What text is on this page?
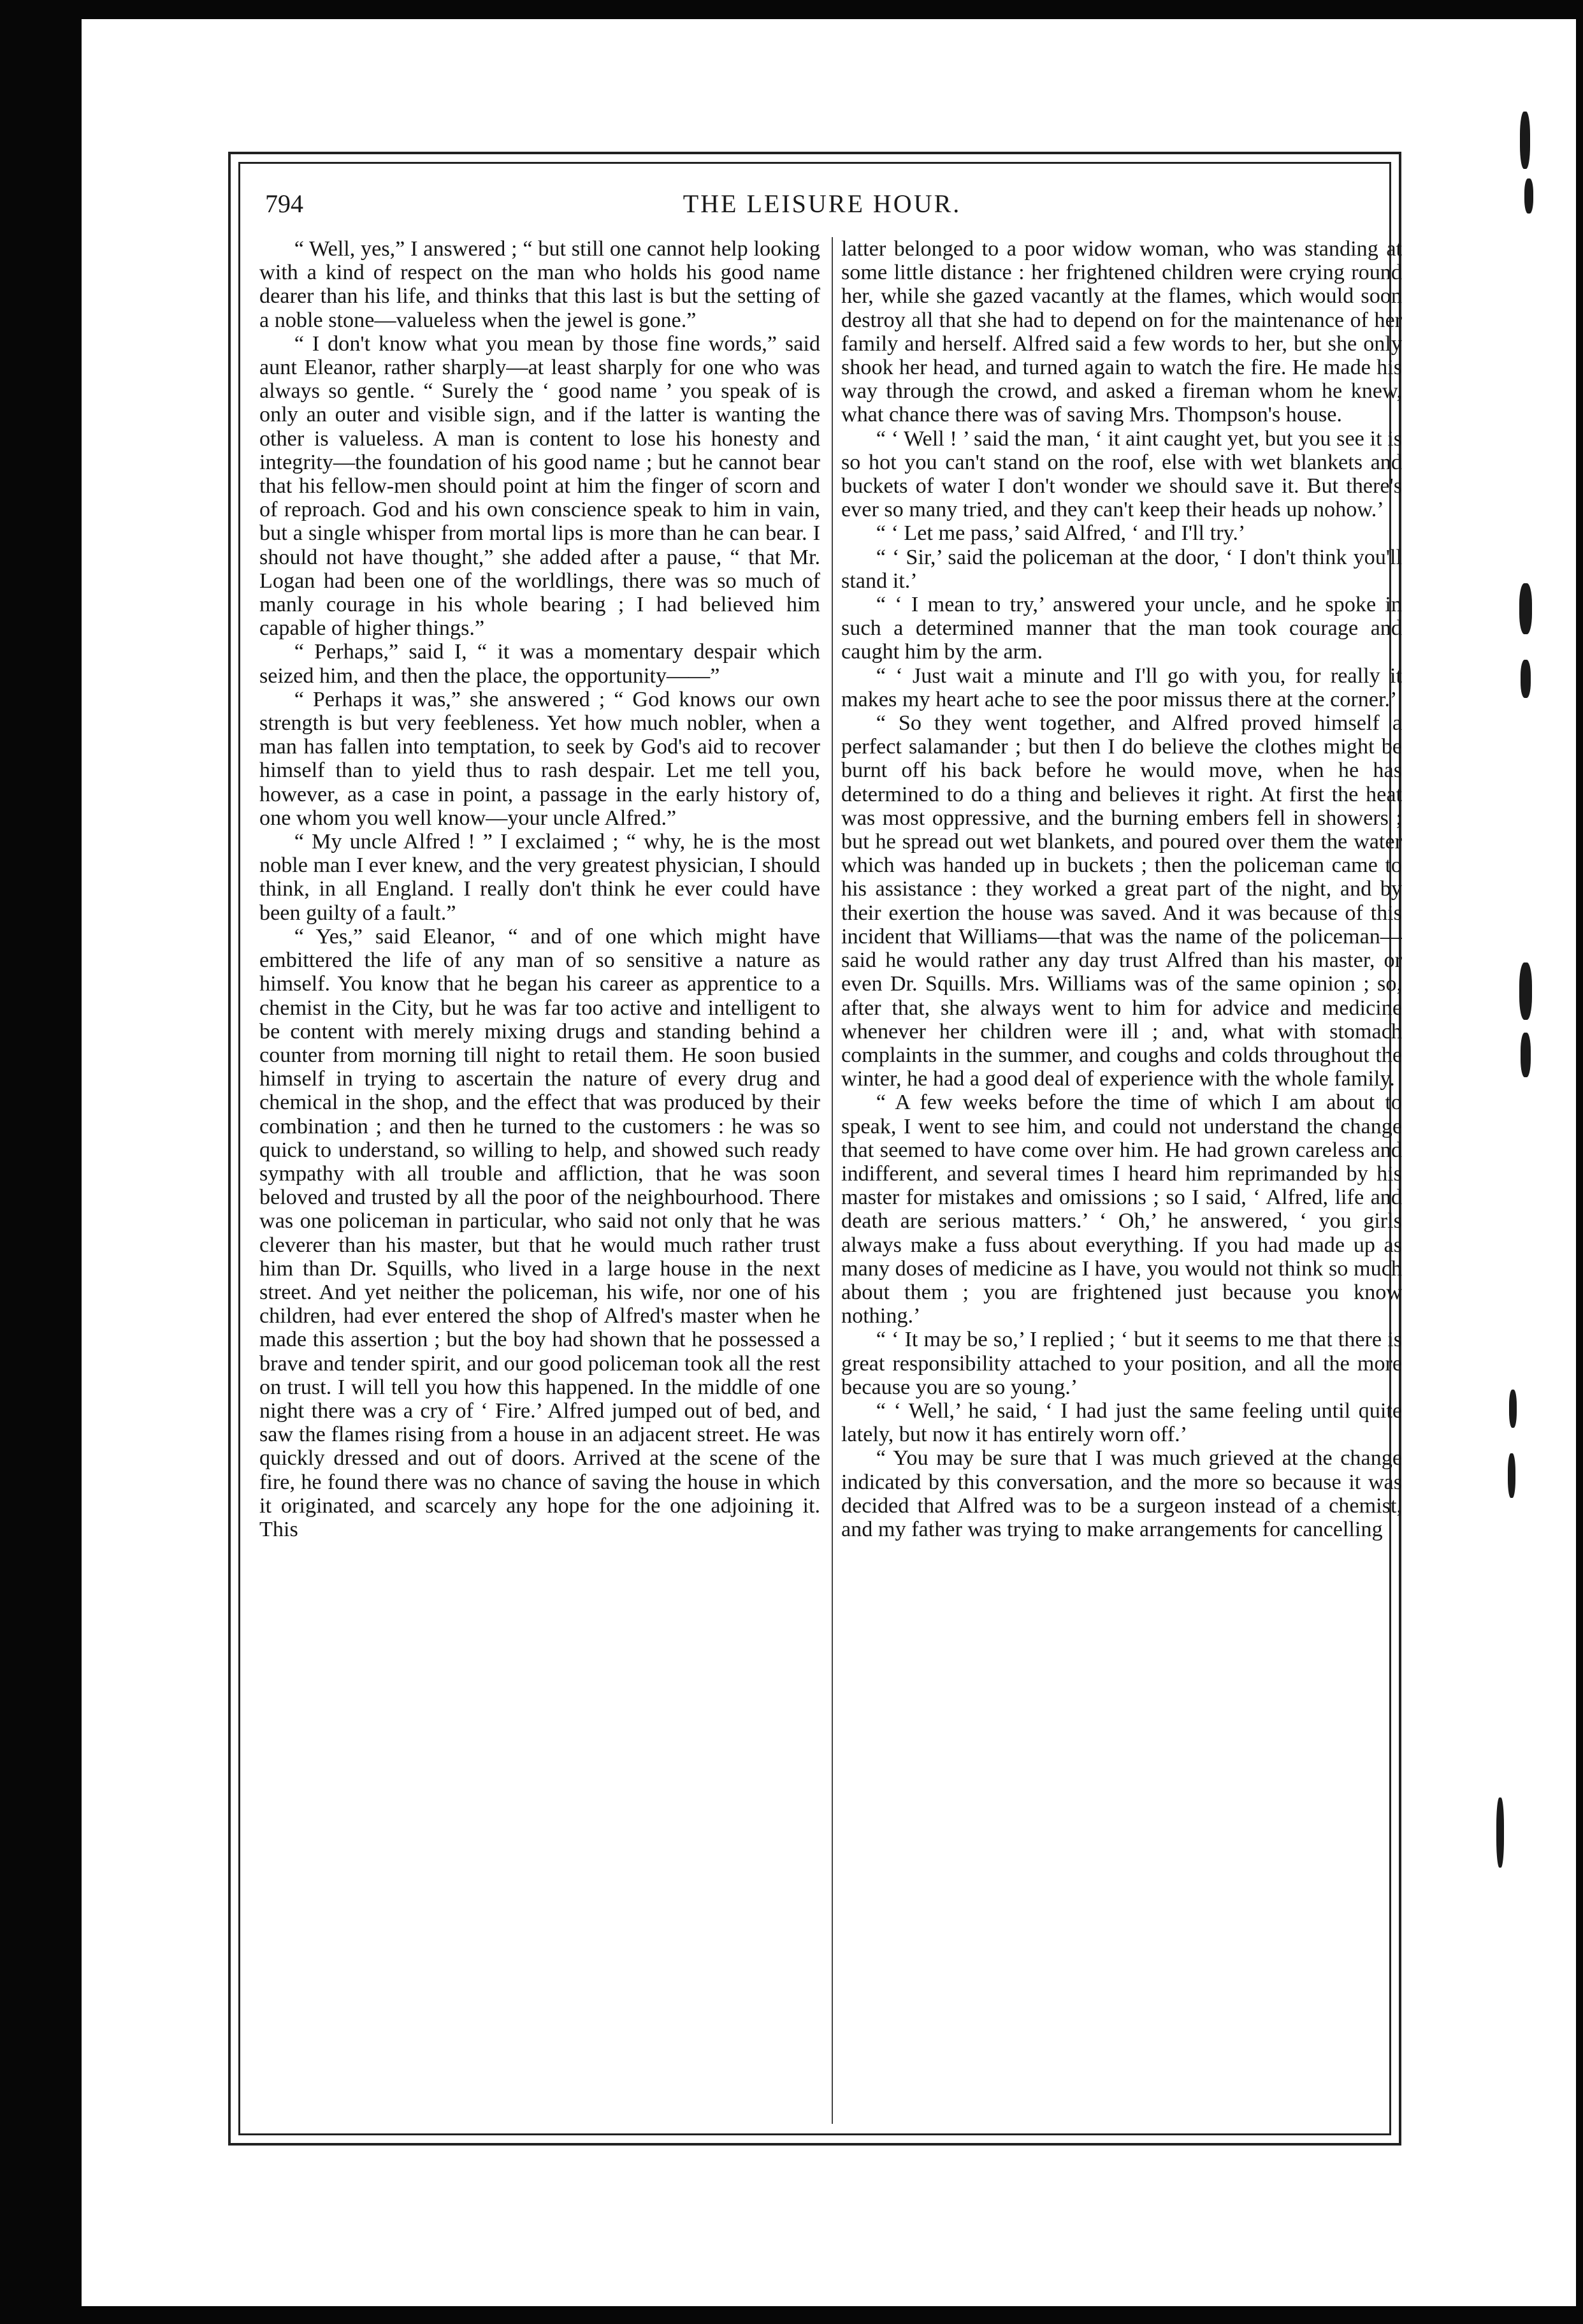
794	THE LEISURE HOUR.

“ Well, yes,” I answered ; “ but still one cannot help looking with a kind of respect on the man who holds his good name dearer than his life, and thinks that this last is but the setting of a noble stone—valueless when the jewel is gone.”

“ I don't know what you mean by those fine words,” said aunt Eleanor, rather sharply—at least sharply for one who was always so gentle. “ Surely the ‘ good name ’ you speak of is only an outer and visible sign, and if the latter is wanting the other is valueless. A man is content to lose his honesty and integrity—the foundation of his good name ; but he cannot bear that his fellow-men should point at him the finger of scorn and of reproach. God and his own conscience speak to him in vain, but a single whisper from mortal lips is more than he can bear. I should not have thought,” she added after a pause, “ that Mr. Logan had been one of the worldlings, there was so much of manly courage in his whole bearing ; I had believed him capable of higher things.”

“ Perhaps,” said I, “ it was a momentary despair which seized him, and then the place, the opportunity——”

“ Perhaps it was,” she answered ; “ God knows our own strength is but very feebleness. Yet how much nobler, when a man has fallen into temptation, to seek by God's aid to recover himself than to yield thus to rash despair. Let me tell you, however, as a case in point, a passage in the early history of, one whom you well know—your uncle Alfred.”

“ My uncle Alfred ! ” I exclaimed ; “ why, he is the most noble man I ever knew, and the very greatest physician, I should think, in all England. I really don't think he ever could have been guilty of a fault.”

“ Yes,” said Eleanor, “ and of one which might have embittered the life of any man of so sensitive a nature as himself. You know that he began his career as apprentice to a chemist in the City, but he was far too active and intelligent to be content with merely mixing drugs and standing behind a counter from morning till night to retail them. He soon busied himself in trying to ascertain the nature of every drug and chemical in the shop, and the effect that was produced by their combination ; and then he turned to the customers : he was so quick to understand, so willing to help, and showed such ready sympathy with all trouble and affliction, that he was soon beloved and trusted by all the poor of the neighbourhood. There was one policeman in particular, who said not only that he was cleverer than his master, but that he would much rather trust him than Dr. Squills, who lived in a large house in the next street. And yet neither the policeman, his wife, nor one of his children, had ever entered the shop of Alfred's master when he made this assertion ; but the boy had shown that he possessed a brave and tender spirit, and our good policeman took all the rest on trust. I will tell you how this happened. In the middle of one night there was a cry of ‘ Fire.’ Alfred jumped out of bed, and saw the flames rising from a house in an adjacent street. He was quickly dressed and out of doors. Arrived at the scene of the fire, he found there was no chance of saving the house in which it originated, and scarcely any hope for the one adjoining it. This

latter belonged to a poor widow woman, who was standing at some little distance : her frightened children were crying round her, while she gazed vacantly at the flames, which would soon destroy all that she had to depend on for the maintenance of her family and herself. Alfred said a few words to her, but she only shook her head, and turned again to watch the fire. He made his way through the crowd, and asked a fireman whom he knew, what chance there was of saving Mrs. Thompson's house.

“ ‘ Well ! ’ said the man, ‘ it aint caught yet, but you see it is so hot you can't stand on the roof, else with wet blankets and buckets of water I don't wonder we should save it. But there's ever so many tried, and they can't keep their heads up nohow.’

“ ‘ Let me pass,’ said Alfred, ‘ and I'll try.’

“ ‘ Sir,’ said the policeman at the door, ‘ I don't think you'll stand it.’

“ ‘ I mean to try,’ answered your uncle, and he spoke in such a determined manner that the man took courage and caught him by the arm.

“ ‘ Just wait a minute and I'll go with you, for really it makes my heart ache to see the poor missus there at the corner.’

“ So they went together, and Alfred proved himself a perfect salamander ; but then I do believe the clothes might be burnt off his back before he would move, when he has determined to do a thing and believes it right. At first the heat was most oppressive, and the burning embers fell in showers ; but he spread out wet blankets, and poured over them the water which was handed up in buckets ; then the policeman came to his assistance : they worked a great part of the night, and by their exertion the house was saved. And it was because of this incident that Williams—that was the name of the policeman—said he would rather any day trust Alfred than his master, or even Dr. Squills. Mrs. Williams was of the same opinion ; so, after that, she always went to him for advice and medicine whenever her children were ill ; and, what with stomach complaints in the summer, and coughs and colds throughout the winter, he had a good deal of experience with the whole family.

“ A few weeks before the time of which I am about to speak, I went to see him, and could not understand the change that seemed to have come over him. He had grown careless and indifferent, and several times I heard him reprimanded by his master for mistakes and omissions ; so I said, ‘ Alfred, life and death are serious matters.’ ‘ Oh,’ he answered, ‘ you girls always make a fuss about everything. If you had made up as many doses of medicine as I have, you would not think so much about them ; you are frightened just because you know nothing.’

“ ‘ It may be so,’ I replied ; ‘ but it seems to me that there is great responsibility attached to your position, and all the more because you are so young.’

“ ‘ Well,’ he said, ‘ I had just the same feeling until quite lately, but now it has entirely worn off.’

“ You may be sure that I was much grieved at the change indicated by this conversation, and the more so because it was decided that Alfred was to be a surgeon instead of a chemist, and my father was trying to make arrangements for cancelling
